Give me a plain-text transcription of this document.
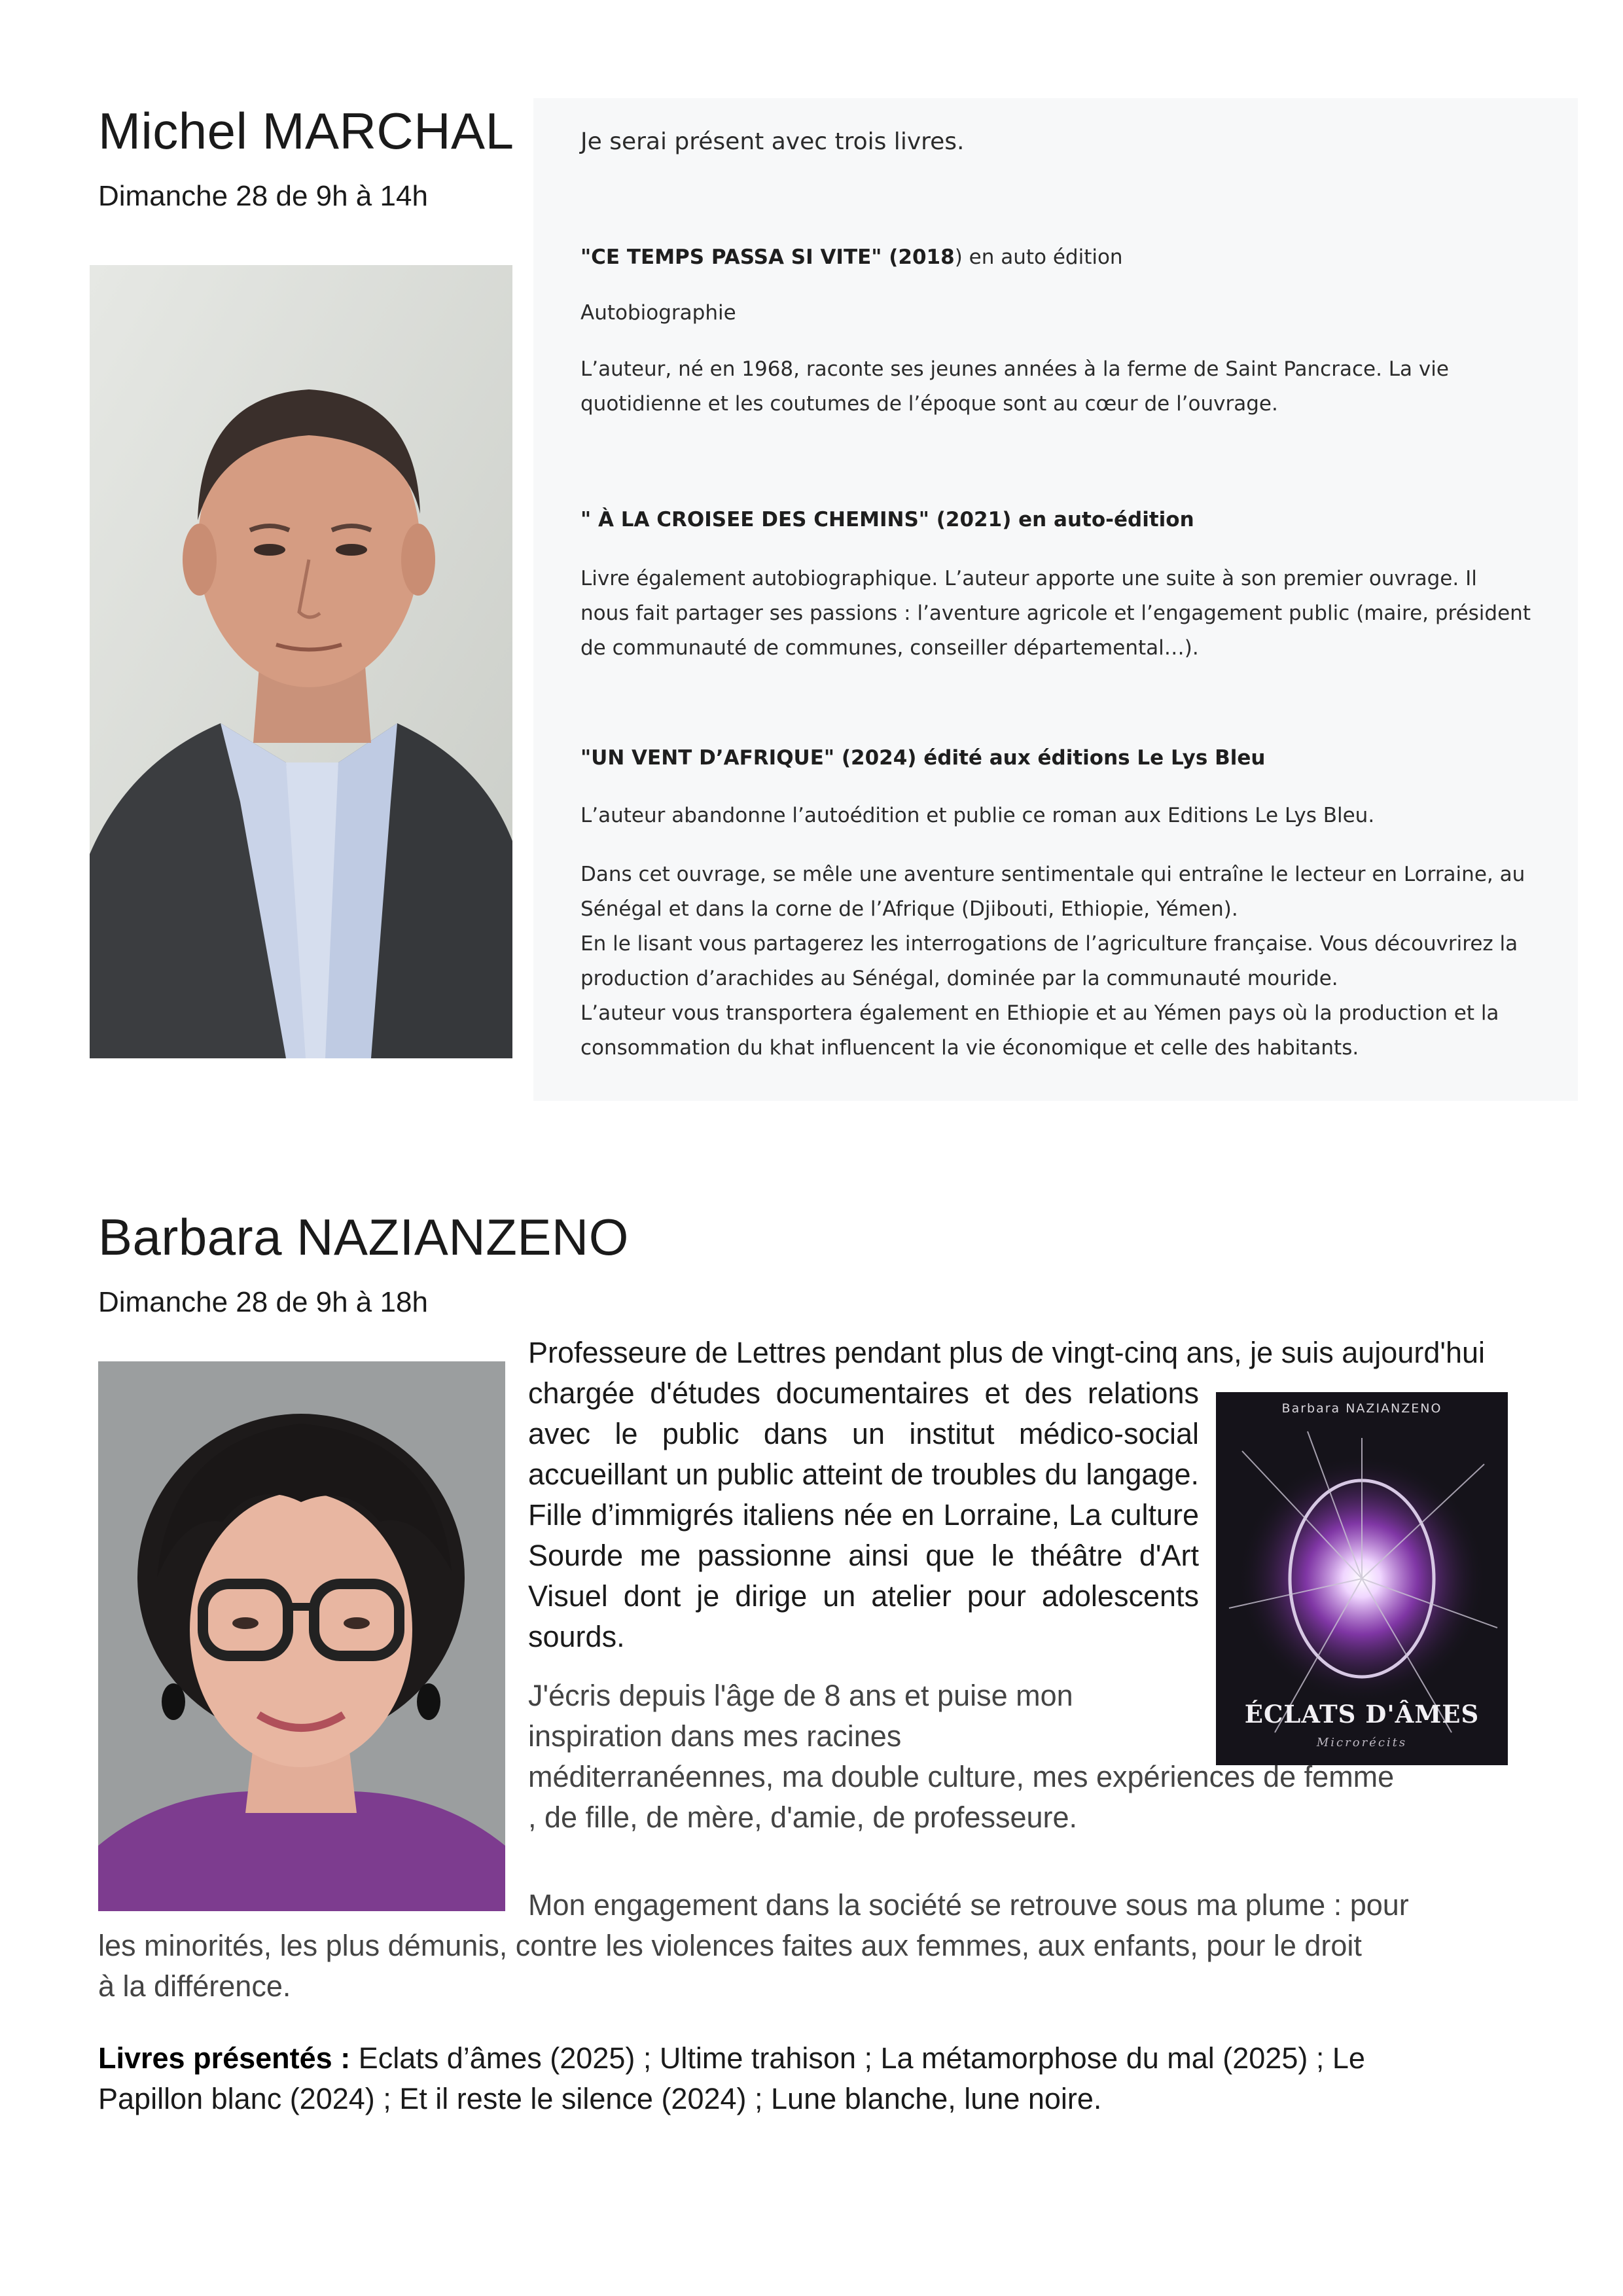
Michel MARCHAL
Dimanche 28 de 9h à 14h

Je serai présent avec trois livres.

"CE TEMPS PASSA SI VITE" (2018) en auto édition

Autobiographie

L’auteur, né en 1968, raconte ses jeunes années à la ferme de Saint Pancrace. La vie

quotidienne et les coutumes de l’époque sont au cœur de l’ouvrage.

" À LA CROISEE DES CHEMINS" (2021) en auto-édition

Livre également autobiographique. L’auteur apporte une suite à son premier ouvrage. Il

nous fait partager ses passions : l’aventure agricole et l’engagement public (maire, président

de communauté de communes, conseiller départemental…).

"UN VENT D’AFRIQUE" (2024) édité aux éditions Le Lys Bleu

L’auteur abandonne l’autoédition et publie ce roman aux Editions Le Lys Bleu.

Dans cet ouvrage, se mêle une aventure sentimentale qui entraîne le lecteur en Lorraine, au

Sénégal et dans la corne de l’Afrique (Djibouti, Ethiopie, Yémen).

En le lisant vous partagerez les interrogations de l’agriculture française. Vous découvrirez la

production d’arachides au Sénégal, dominée par la communauté mouride.

L’auteur vous transportera également en Ethiopie et au Yémen pays où la production et la

consommation du khat influencent la vie économique et celle des habitants.

Barbara NAZIANZENO
Dimanche 28 de 9h à 18h
Professeure de Lettres pendant plus de vingt-cinq ans, je suis aujourd'hui
chargée d'études documentaires et des relations avec le public dans un institut médico-social accueillant un public atteint de troubles du langage. Fille d’immigrés italiens née en Lorraine, La culture Sourde me passionne ainsi que le théâtre d'Art Visuel dont je dirige un atelier pour adolescents sourds.
Barbara NAZIANZENO
ÉCLATS D'ÂMES
Microrécits
J'écris depuis l'âge de 8 ans et puise mon
inspiration dans mes racines
méditerranéennes, ma double culture, mes expériences de femme
, de fille, de mère, d'amie, de professeure.
Mon engagement dans la société se retrouve sous ma plume : pour
les minorités, les plus démunis, contre les violences faites aux femmes, aux enfants, pour le droit
à la différence.
Livres présentés : Eclats d’âmes (2025) ; Ultime trahison ; La métamorphose du mal (2025) ; Le
Papillon blanc (2024) ; Et il reste le silence (2024) ; Lune blanche, lune noire.
